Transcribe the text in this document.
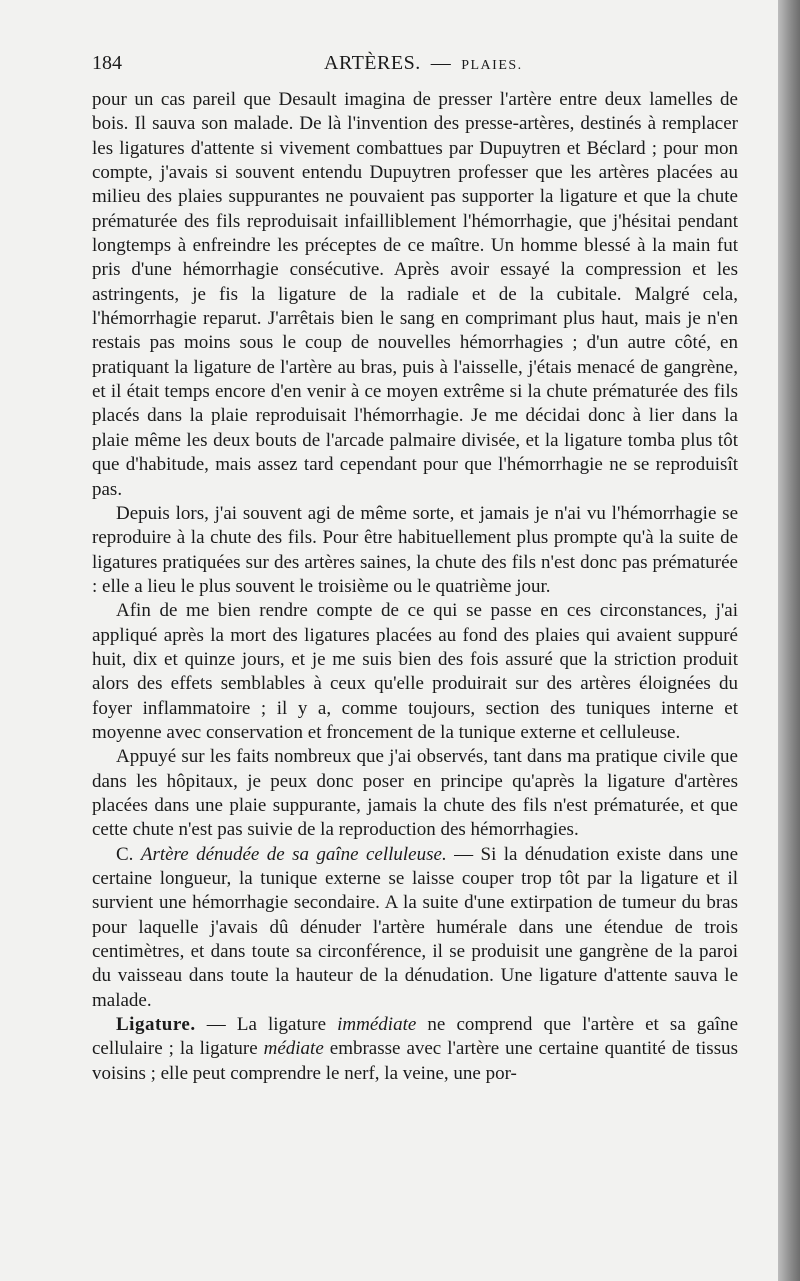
184	ARTÈRES. — PLAIES.

pour un cas pareil que Desault imagina de presser l'artère entre deux lamelles de bois. Il sauva son malade. De là l'invention des presse-artères, destinés à remplacer les ligatures d'attente si vivement combattues par Dupuytren et Béclard ; pour mon compte, j'avais si souvent entendu Dupuytren professer que les artères placées au milieu des plaies suppurantes ne pouvaient pas supporter la ligature et que la chute prématurée des fils reproduisait infailliblement l'hémorrhagie, que j'hésitai pendant longtemps à enfreindre les préceptes de ce maître. Un homme blessé à la main fut pris d'une hémorrhagie consécutive. Après avoir essayé la compression et les astringents, je fis la ligature de la radiale et de la cubitale. Malgré cela, l'hémorrhagie reparut. J'arrêtais bien le sang en comprimant plus haut, mais je n'en restais pas moins sous le coup de nouvelles hémorrhagies ; d'un autre côté, en pratiquant la ligature de l'artère au bras, puis à l'aisselle, j'étais menacé de gangrène, et il était temps encore d'en venir à ce moyen extrême si la chute prématurée des fils placés dans la plaie reproduisait l'hémorrhagie. Je me décidai donc à lier dans la plaie même les deux bouts de l'arcade palmaire divisée, et la ligature tomba plus tôt que d'habitude, mais assez tard cependant pour que l'hémorrhagie ne se reproduisît pas.

Depuis lors, j'ai souvent agi de même sorte, et jamais je n'ai vu l'hémorrhagie se reproduire à la chute des fils. Pour être habituellement plus prompte qu'à la suite de ligatures pratiquées sur des artères saines, la chute des fils n'est donc pas prématurée : elle a lieu le plus souvent le troisième ou le quatrième jour.

Afin de me bien rendre compte de ce qui se passe en ces circonstances, j'ai appliqué après la mort des ligatures placées au fond des plaies qui avaient suppuré huit, dix et quinze jours, et je me suis bien des fois assuré que la striction produit alors des effets semblables à ceux qu'elle produirait sur des artères éloignées du foyer inflammatoire ; il y a, comme toujours, section des tuniques interne et moyenne avec conservation et froncement de la tunique externe et celluleuse.

Appuyé sur les faits nombreux que j'ai observés, tant dans ma pratique civile que dans les hôpitaux, je peux donc poser en principe qu'après la ligature d'artères placées dans une plaie suppurante, jamais la chute des fils n'est prématurée, et que cette chute n'est pas suivie de la reproduction des hémorrhagies.

C. Artère dénudée de sa gaîne celluleuse. — Si la dénudation existe dans une certaine longueur, la tunique externe se laisse couper trop tôt par la ligature et il survient une hémorrhagie secondaire. A la suite d'une extirpation de tumeur du bras pour laquelle j'avais dû dénuder l'artère humérale dans une étendue de trois centimètres, et dans toute sa circonférence, il se produisit une gangrène de la paroi du vaisseau dans toute la hauteur de la dénudation. Une ligature d'attente sauva le malade.

Ligature. — La ligature immédiate ne comprend que l'artère et sa gaîne cellulaire ; la ligature médiate embrasse avec l'artère une certaine quantité de tissus voisins ; elle peut comprendre le nerf, la veine, une por-
